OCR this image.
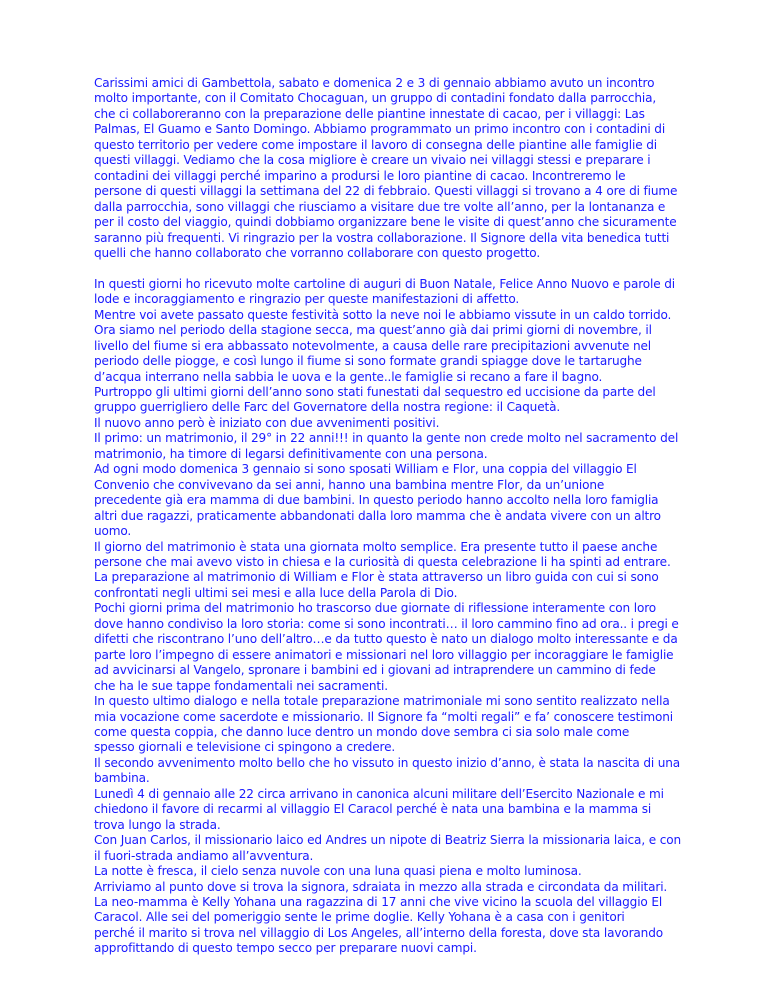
Carissimi amici di Gambettola, sabato e domenica 2 e 3 di gennaio abbiamo avuto un incontro
molto importante, con il Comitato Chocaguan, un gruppo di contadini fondato dalla parrocchia,
che ci collaboreranno con la preparazione delle piantine innestate di cacao, per i villaggi: Las
Palmas, El Guamo e Santo Domingo. Abbiamo programmato un primo incontro con i contadini di
questo territorio per vedere come impostare il lavoro di consegna delle piantine alle famiglie di
questi villaggi. Vediamo che la cosa migliore è creare un vivaio nei villaggi stessi e preparare i
contadini dei villaggi perché imparino a prodursi le loro piantine di cacao. Incontreremo le
persone di questi villaggi la settimana del 22 di febbraio. Questi villaggi si trovano a 4 ore di fiume
dalla parrocchia, sono villaggi che riusciamo a visitare due tre volte all’anno, per la lontananza e
per il costo del viaggio, quindi dobbiamo organizzare bene le visite di quest’anno che sicuramente
saranno più frequenti. Vi ringrazio per la vostra collaborazione. Il Signore della vita benedica tutti
quelli che hanno collaborato che vorranno collaborare con questo progetto.

In questi giorni ho ricevuto molte cartoline di auguri di Buon Natale, Felice Anno Nuovo e parole di
lode e incoraggiamento e ringrazio per queste manifestazioni di affetto.
Mentre voi avete passato queste festività sotto la neve noi le abbiamo vissute in un caldo torrido.
Ora siamo nel periodo della stagione secca, ma quest’anno già dai primi giorni di novembre, il
livello del fiume si era abbassato notevolmente, a causa delle rare precipitazioni avvenute nel
periodo delle piogge, e così lungo il fiume si sono formate grandi spiagge dove le tartarughe
d’acqua interrano nella sabbia le uova e la gente..le famiglie si recano a fare il bagno.
Purtroppo gli ultimi giorni dell’anno sono stati funestati dal sequestro ed uccisione da parte del
gruppo guerrigliero delle Farc del Governatore della nostra regione: il Caquetà.
Il nuovo anno però è iniziato con due avvenimenti positivi.
Il primo: un matrimonio, il 29° in 22 anni!!! in quanto la gente non crede molto nel sacramento del
matrimonio, ha timore di legarsi definitivamente con una persona.
Ad ogni modo domenica 3 gennaio si sono sposati William e Flor, una coppia del villaggio El
Convenio che convivevano da sei anni, hanno una bambina mentre Flor, da un’unione
precedente già era mamma di due bambini. In questo periodo hanno accolto nella loro famiglia
altri due ragazzi, praticamente abbandonati dalla loro mamma che è andata vivere con un altro
uomo.
Il giorno del matrimonio è stata una giornata molto semplice. Era presente tutto il paese anche
persone che mai avevo visto in chiesa e la curiosità di questa celebrazione li ha spinti ad entrare.
La preparazione al matrimonio di William e Flor è stata attraverso un libro guida con cui si sono
confrontati negli ultimi sei mesi e alla luce della Parola di Dio.
Pochi giorni prima del matrimonio ho trascorso due giornate di riflessione interamente con loro
dove hanno condiviso la loro storia: come si sono incontrati… il loro cammino fino ad ora.. i pregi e
difetti che riscontrano l’uno dell’altro…e da tutto questo è nato un dialogo molto interessante e da
parte loro l’impegno di essere animatori e missionari nel loro villaggio per incoraggiare le famiglie
ad avvicinarsi al Vangelo, spronare i bambini ed i giovani ad intraprendere un cammino di fede
che ha le sue tappe fondamentali nei sacramenti.
In questo ultimo dialogo e nella totale preparazione matrimoniale mi sono sentito realizzato nella
mia vocazione come sacerdote e missionario. Il Signore fa “molti regali” e fa’ conoscere testimoni
come questa coppia, che danno luce dentro un mondo dove sembra ci sia solo male come
spesso giornali e televisione ci spingono a credere.
Il secondo avvenimento molto bello che ho vissuto in questo inizio d’anno, è stata la nascita di una
bambina.
Lunedì 4 di gennaio alle 22 circa arrivano in canonica alcuni militare dell’Esercito Nazionale e mi
chiedono il favore di recarmi al villaggio El Caracol perché è nata una bambina e la mamma si
trova lungo la strada.
Con Juan Carlos, il missionario laico ed Andres un nipote di Beatriz Sierra la missionaria laica, e con
il fuori-strada andiamo all’avventura.
La notte è fresca, il cielo senza nuvole con una luna quasi piena e molto luminosa.
Arriviamo al punto dove si trova la signora, sdraiata in mezzo alla strada e circondata da militari.
La neo-mamma è Kelly Yohana una ragazzina di 17 anni che vive vicino la scuola del villaggio El
Caracol. Alle sei del pomeriggio sente le prime doglie. Kelly Yohana è a casa con i genitori
perché il marito si trova nel villaggio di Los Angeles, all’interno della foresta, dove sta lavorando
approfittando di questo tempo secco per preparare nuovi campi.
